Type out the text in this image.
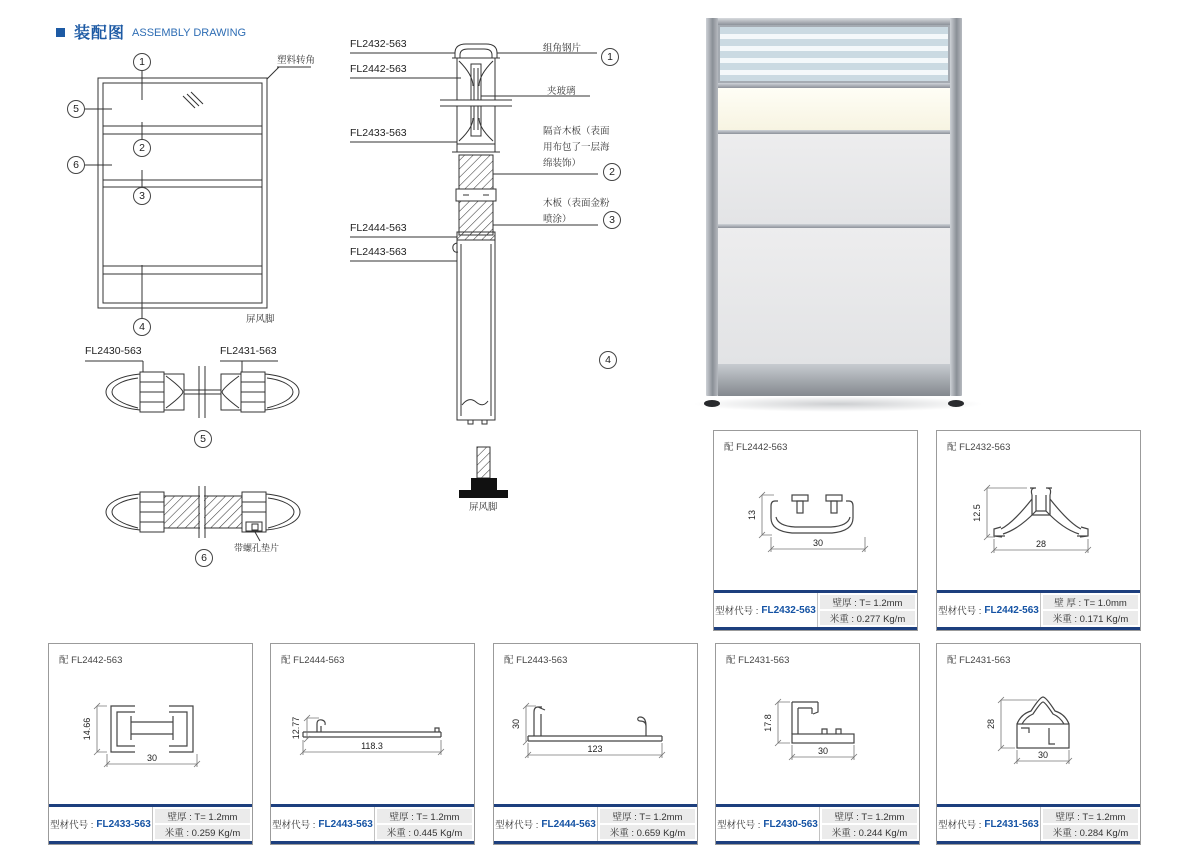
装配图 ASSEMBLY DRAWING
1
5
6
2
3
4
塑料转角
屏风脚
FL2432-563
FL2442-563
FL2433-563
FL2444-563
FL2443-563
组角钢片
夹玻璃
隔音木板（表面
用布包了一层海
绵装饰）
木板（表面金粉
喷涂）
1
2
3
4
屏风脚
FL2430-563	FL2431-563
5
6
带螺孔垫片
配 FL2442-563
13
30
型材代号 : FL2432-563
壁厚 : T= 1.2mm
米重 : 0.277 Kg/m
配 FL2432-563
12.5
28
型材代号 : FL2442-563
壁 厚 : T= 1.0mm
米重 : 0.171 Kg/m
配 FL2442-563
14.66
30
型材代号 : FL2433-563
壁厚 : T= 1.2mm
米重 : 0.259 Kg/m
配 FL2444-563
12.77
118.3
型材代号 : FL2443-563
壁厚 : T= 1.2mm
米重 : 0.445 Kg/m
配 FL2443-563
30
123
型材代号 : FL2444-563
壁厚 : T= 1.2mm
米重 : 0.659 Kg/m
配 FL2431-563
17.8
30
型材代号 : FL2430-563
壁厚 : T= 1.2mm
米重 : 0.244 Kg/m
配 FL2431-563
28
30
型材代号 : FL2431-563
壁厚 : T= 1.2mm
米重 : 0.284 Kg/m
